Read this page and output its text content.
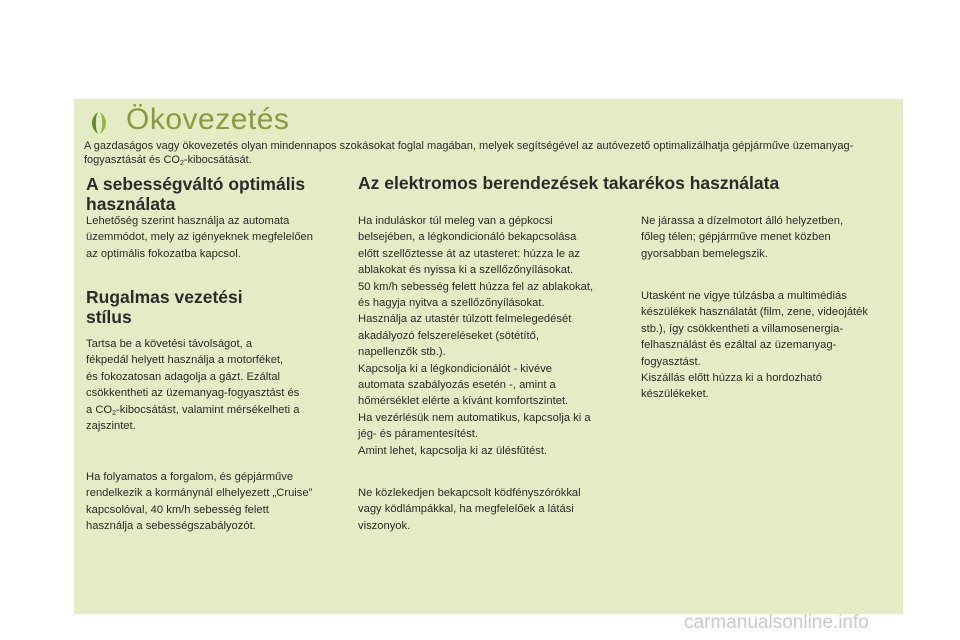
Ökovezetés
A gazdaságos vagy ökovezetés olyan mindennapos szokásokat foglal magában, melyek segítségével az autóvezető optimalizálhatja gépjárműve üzemanyag-fogyasztását és $CO_2$-kibocsátását.
A sebességváltó optimális használata

Lehetőség szerint használja az automata
üzemmódot, mely az igényeknek megfelelően
az optimális fokozatba kapcsol.

Rugalmas vezetési stílus

Tartsa be a követési távolságot, a
fékpedál helyett használja a motorféket,
és fokozatosan adagolja a gázt. Ezáltal
csökkentheti az üzemanyag-fogyasztást és
a $CO_2$-kibocsátást, valamint mérsékelheti a
zajszintet.

Ha folyamatos a forgalom, és gépjárműve
rendelkezik a kormánynál elhelyezett „Cruise”
kapcsolóval, 40 km/h sebesség felett
használja a sebességszabályozót.

Az elektromos berendezések takarékos használata

Ha induláskor túl meleg van a gépkocsi
belsejében, a légkondicionáló bekapcsolása
előtt szellőztesse át az utasteret: húzza le az
ablakokat és nyissa ki a szellőzőnyílásokat.
50 km/h sebesség felett húzza fel az ablakokat,
és hagyja nyitva a szellőzőnyílásokat.
Használja az utastér túlzott felmelegedését
akadályozó felszereléseket (sötétítő,
napellenzők stb.).
Kapcsolja ki a légkondicionálót - kivéve
automata szabályozás esetén -, amint a
hőmérséklet elérte a kívánt komfortszintet.
Ha vezérlésük nem automatikus, kapcsolja ki a
jég- és páramentesítést.
Amint lehet, kapcsolja ki az ülésfűtést.

Ne közlekedjen bekapcsolt ködfényszórókkal
vagy ködlámpákkal, ha megfelelőek a látási
viszonyok.

Ne járassa a dízelmotort álló helyzetben,
főleg télen; gépjárműve menet közben
gyorsabban bemelegszik.

Utasként ne vigye túlzásba a multimédiás
készülékek használatát (film, zene, videojáték
stb.), így csökkentheti a villamosenergia-
felhasználást és ezáltal az üzemanyag-
fogyasztást.
Kiszállás előtt húzza ki a hordozható
készülékeket.

carmanualsonline.info
